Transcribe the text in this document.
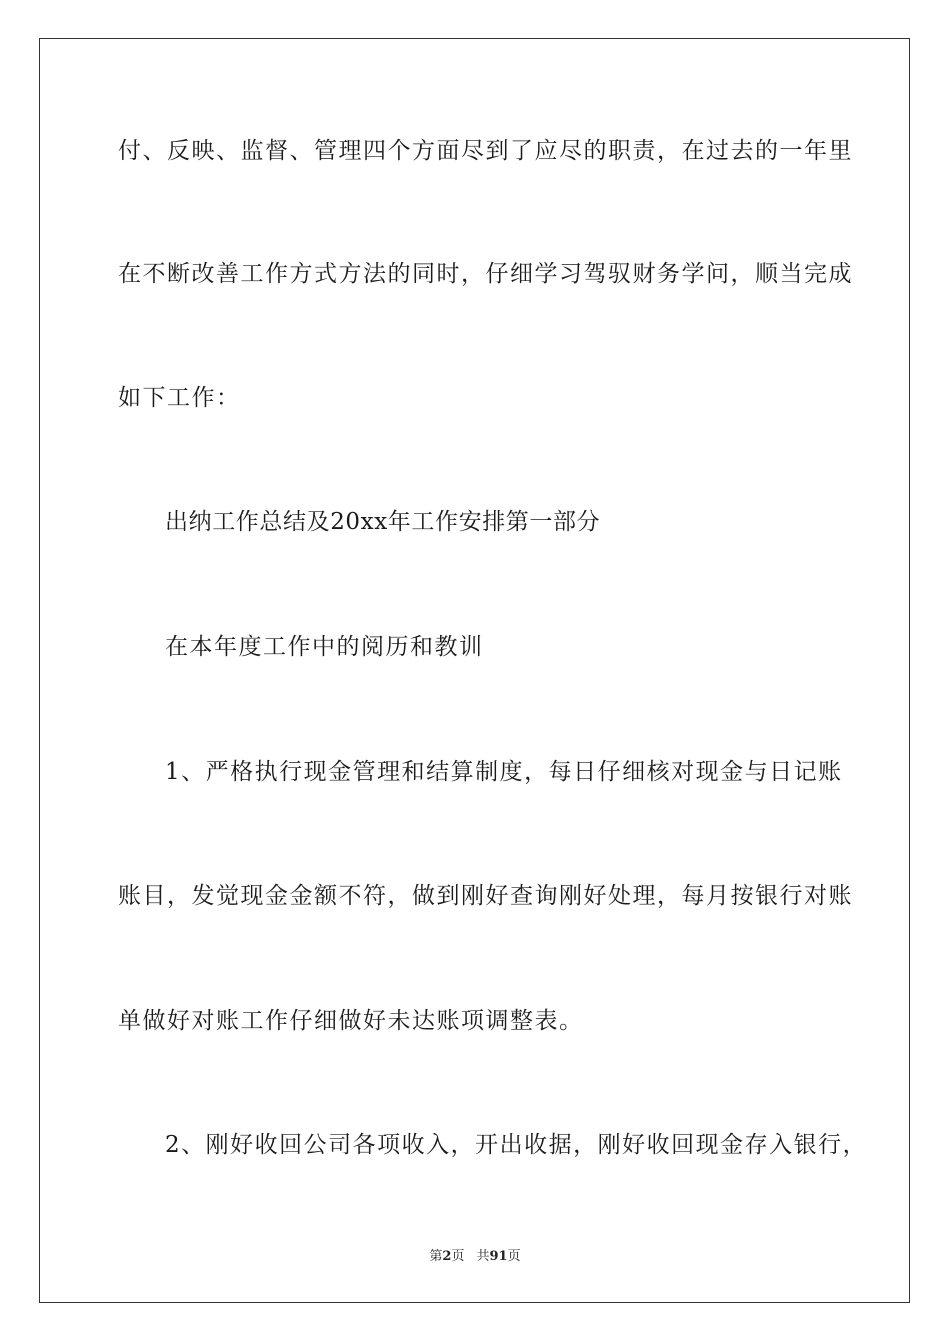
付、反映、监督、管理四个方面尽到了应尽的职责，在过去的一年里
在不断改善工作方式方法的同时，仔细学习驾驭财务学问，顺当完成
如下工作：
出纳工作总结及20xx年工作安排第一部分
在本年度工作中的阅历和教训
1、严格执行现金管理和结算制度，每日仔细核对现金与日记账
账目，发觉现金金额不符，做到刚好查询刚好处理，每月按银行对账
单做好对账工作仔细做好未达账项调整表。
2、刚好收回公司各项收入，开出收据，刚好收回现金存入银行，
第2页 共91页
